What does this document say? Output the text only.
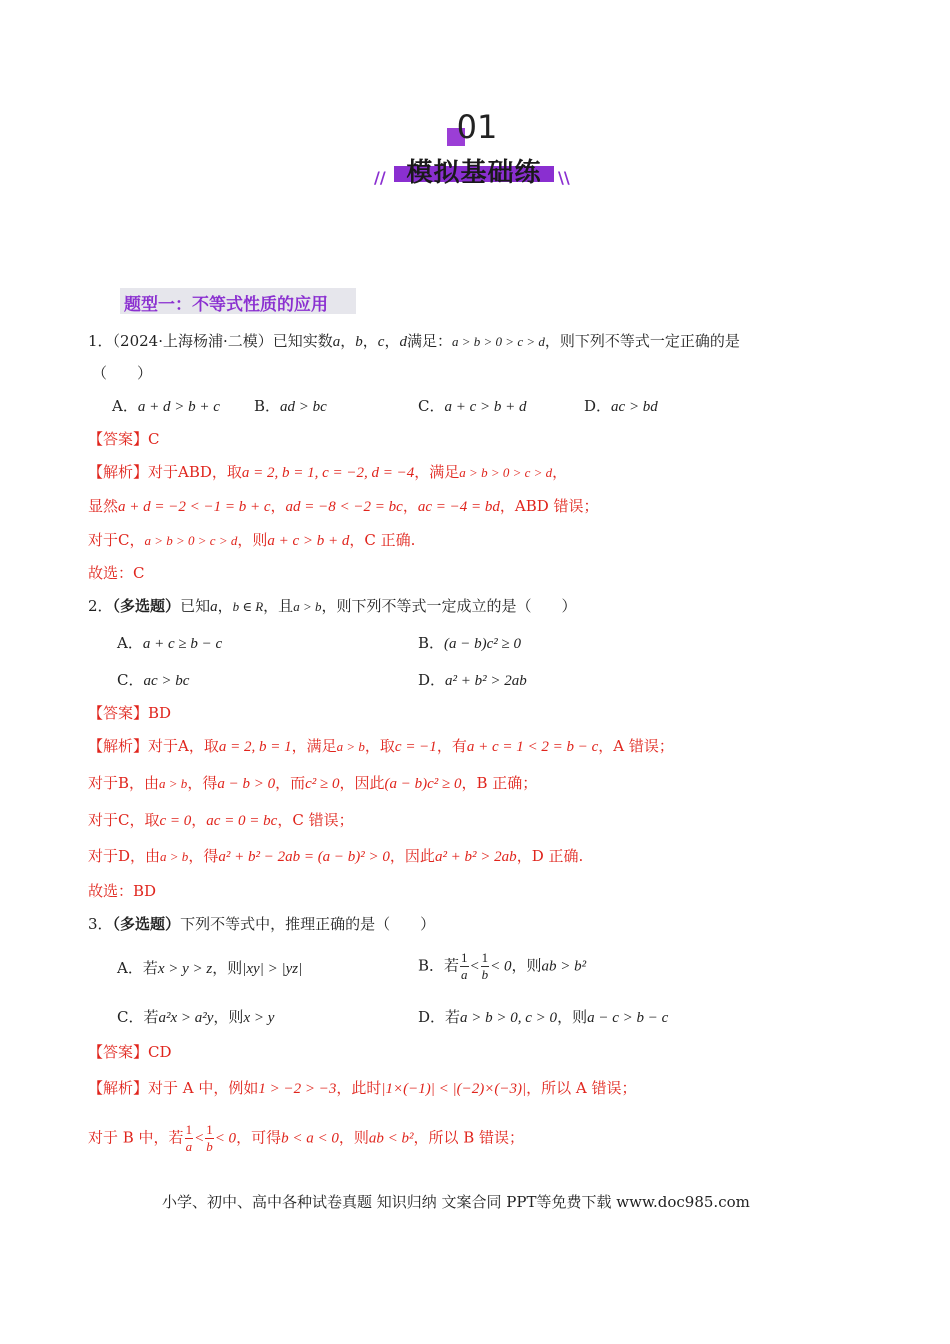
01
模拟基础练
//	\\
题型一：不等式性质的应用
1．（2024·上海杨浦·二模）已知实数a，b，c，d满足：a > b > 0 > c > d，则下列不等式一定正确的是
（　　）
A．a + d > b + c B．ad > bc	C．a + c > b + d	D．ac > bd
【答案】C
【解析】对于ABD，取a = 2, b = 1, c = −2, d = −4，满足a > b > 0 > c > d，
显然a + d = −2 < −1 = b + c，ad = −8 < −2 = bc，ac = −4 = bd，ABD 错误；
对于C，a > b > 0 > c > d，则a + c > b + d，C 正确.
故选：C
2．（多选题）已知a，b ∈ R，且a > b，则下列不等式一定成立的是（　　）
A．a + c ≥ b − c	B．(a − b)c² ≥ 0
C．ac > bc	D．a² + b² > 2ab
【答案】BD
【解析】对于A，取a = 2, b = 1，满足a > b，取c = −1，有a + c = 1 < 2 = b − c，A 错误；
对于B，由a > b，得a − b > 0，而c² ≥ 0，因此(a − b)c² ≥ 0，B 正确；
对于C，取c = 0，ac = 0 = bc，C 错误；
对于D，由a > b，得a² + b² − 2ab = (a − b)² > 0，因此a² + b² > 2ab，D 正确.
故选：BD
3．（多选题）下列不等式中，推理正确的是（　　）
A．若x > y > z，则|xy| > |yz|	B．若 $\frac{1}{a} < \frac{1}{b} < 0$，则ab > b²
C．若a²x > a²y，则x > y	D．若a > b > 0, c > 0，则a − c > b − c
【答案】CD
【解析】对于 A 中，例如1 > −2 > −3，此时|1×(−1)| < |(−2)×(−3)|，所以 A 错误；
对于 B 中，若 $\frac{1}{a} < \frac{1}{b} < 0$，可得b < a < 0，则ab < b²，所以 B 错误；
小学、初中、高中各种试卷真题 知识归纳 文案合同 PPT等免费下载 www.doc985.com
